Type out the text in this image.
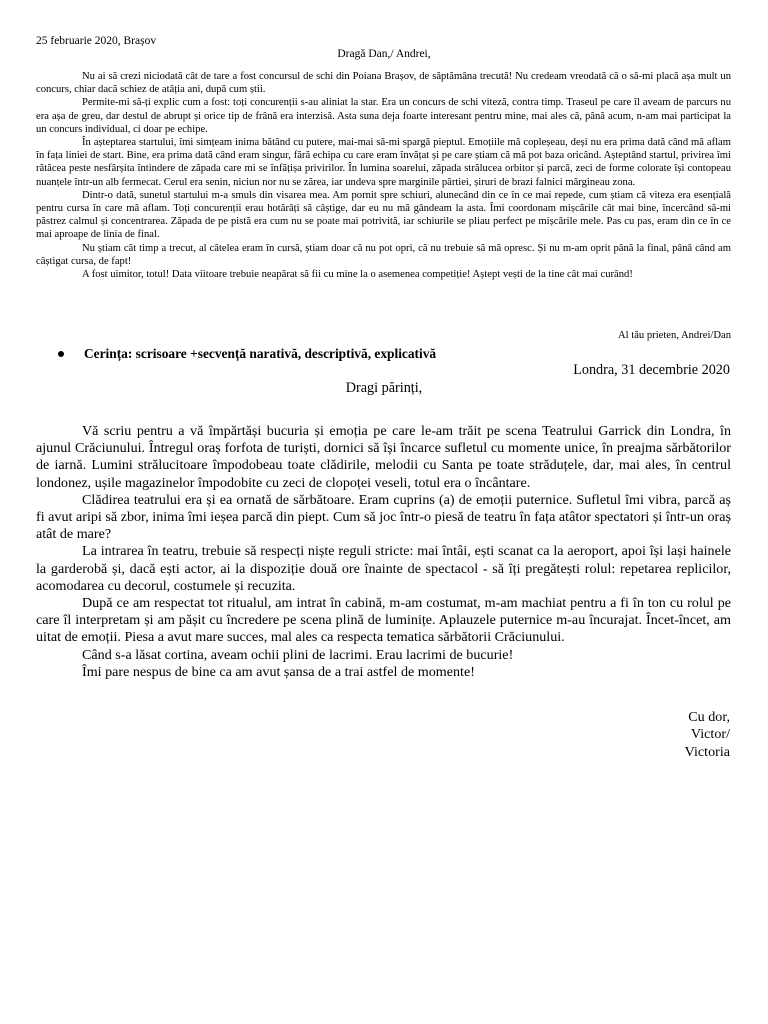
25 februarie 2020, Brașov
Dragă Dan,/ Andrei,

Nu ai să crezi niciodată cât de tare a fost concursul de schi din Poiana Brașov, de săptămâna trecută! Nu credeam vreodată că o să-mi placă așa mult un concurs, chiar dacă schiez de atâția ani, după cum știi.

Permite-mi să-ți explic cum a fost: toți concurenții s-au aliniat la star. Era un concurs de schi viteză, contra timp. Traseul pe care îl aveam de parcurs nu era așa de greu, dar destul de abrupt și orice tip de frână era interzisă. Asta suna deja foarte interesant pentru mine, mai ales că, până acum, n-am mai participat la un concurs individual, ci doar pe echipe.

În așteptarea startului, îmi simțeam inima bătând cu putere, mai-mai să-mi spargă pieptul. Emoțiile mă copleșeau, deși nu era prima dată când mă aflam în fața liniei de start. Bine, era prima dată când eram singur, fără echipa cu care eram învățat și pe care știam că mă pot baza oricând. Așteptând startul, privirea îmi rătăcea peste nesfârșita întindere de zăpada care mi se înfățișa privirilor. În lumina soarelui, zăpada strălucea orbitor și parcă, zeci de forme colorate își contopeau nuanțele într-un alb fermecat. Cerul era senin, niciun nor nu se zărea, iar undeva spre marginile pârtiei, șiruri de brazi falnici mărgineau zona.

Dintr-o dată, sunetul startului m-a smuls din visarea mea. Am pornit spre schiuri, alunecând din ce în ce mai repede, cum știam că viteza era esențială pentru cursa în care mă aflam. Toți concurenții erau hotărâți să câștige, dar eu nu mă gândeam la asta. Îmi coordonam mișcările cât mai bine, încercând să-mi păstrez calmul și concentrarea. Zăpada de pe pistă era cum nu se poate mai potrivită, iar schiurile se pliau perfect pe mișcările mele. Pas cu pas, eram din ce în ce mai aproape de linia de final.

Nu știam cât timp a trecut, al câtelea eram în cursă, știam doar că nu pot opri, că nu trebuie să mă opresc. Și nu m-am oprit până la final, până când am câștigat cursa, de fapt!

A fost uimitor, totul! Data viitoare trebuie neapărat să fii cu mine la o asemenea competiție! Aștept vești de la tine cât mai curând!

Al tău prieten, Andrei/Dan
Cerința: scrisoare +secvență narativă, descriptivă, explicativă
Londra, 31 decembrie 2020
Dragi părinți,

Vă scriu pentru a vă împărtăși bucuria și emoția pe care le-am trăit pe scena Teatrului Garrick din Londra, în ajunul Crăciunului. Întregul oraș forfota de turiști, dornici să își încarce sufletul cu momente unice, în preajma sărbătorilor de iarnă. Lumini strălucitoare împodobeau toate clădirile, melodii cu Santa pe toate străduțele, dar, mai ales, în centrul londonez, ușile magazinelor împodobite cu zeci de clopoței veseli, totul era o încântare.

Clădirea teatrului era și ea ornată de sărbătoare. Eram cuprins (a) de emoții puternice. Sufletul îmi vibra, parcă aș fi avut aripi să zbor, inima îmi ieșea parcă din piept. Cum să joc într-o piesă de teatru în fața atâtor spectatori și într-un oraș atât de mare?

La intrarea în teatru, trebuie să respecți niște reguli stricte: mai întâi, ești scanat ca la aeroport, apoi își lași hainele la garderobă și, dacă ești actor, ai la dispoziție două ore înainte de spectacol - să îți pregătești rolul: repetarea replicilor, acomodarea cu decorul, costumele și recuzita.

După ce am respectat tot ritualul, am intrat în cabină, m-am costumat, m-am machiat pentru a fi în ton cu rolul pe care îl interpretam și am pășit cu încredere pe scena plină de luminițe. Aplauzele puternice m-au încurajat. Încet-încet, am uitat de emoții. Piesa a avut mare succes, mal ales ca respecta tematica sărbătorii Crăciunului.

Când s-a lăsat cortina, aveam ochii plini de lacrimi. Erau lacrimi de bucurie!

Îmi pare nespus de bine ca am avut șansa de a trai astfel de momente!

Cu dor,
Victor/
Victoria
